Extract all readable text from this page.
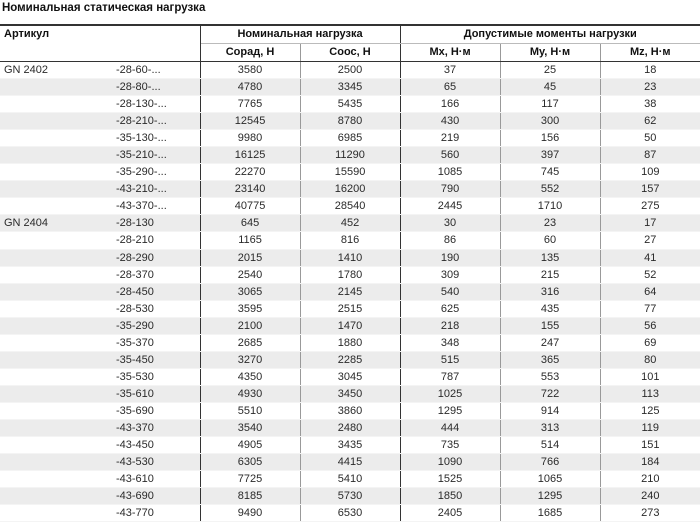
Номинальная статическая нагрузка
Артикул		Номинальная нагрузка		Допустимые моменты нагрузки		
		Сорад, Н	Сoос, Н	Mx, Н·м	My, Н·м	Mz, Н·м
GN 2402	-28-60-...	3580	2500	37	25	18
	-28-80-...	4780	3345	65	45	23
	-28-130-...	7765	5435	166	117	38
	-28-210-...	12545	8780	430	300	62
	-35-130-...	9980	6985	219	156	50
	-35-210-...	16125	11290	560	397	87
	-35-290-...	22270	15590	1085	745	109
	-43-210-...	23140	16200	790	552	157
	-43-370-...	40775	28540	2445	1710	275
GN 2404	-28-130	645	452	30	23	17
	-28-210	1165	816	86	60	27
	-28-290	2015	1410	190	135	41
	-28-370	2540	1780	309	215	52
	-28-450	3065	2145	540	316	64
	-28-530	3595	2515	625	435	77
	-35-290	2100	1470	218	155	56
	-35-370	2685	1880	348	247	69
	-35-450	3270	2285	515	365	80
	-35-530	4350	3045	787	553	101
	-35-610	4930	3450	1025	722	113
	-35-690	5510	3860	1295	914	125
	-43-370	3540	2480	444	313	119
	-43-450	4905	3435	735	514	151
	-43-530	6305	4415	1090	766	184
	-43-610	7725	5410	1525	1065	210
	-43-690	8185	5730	1850	1295	240
	-43-770	9490	6530	2405	1685	273
